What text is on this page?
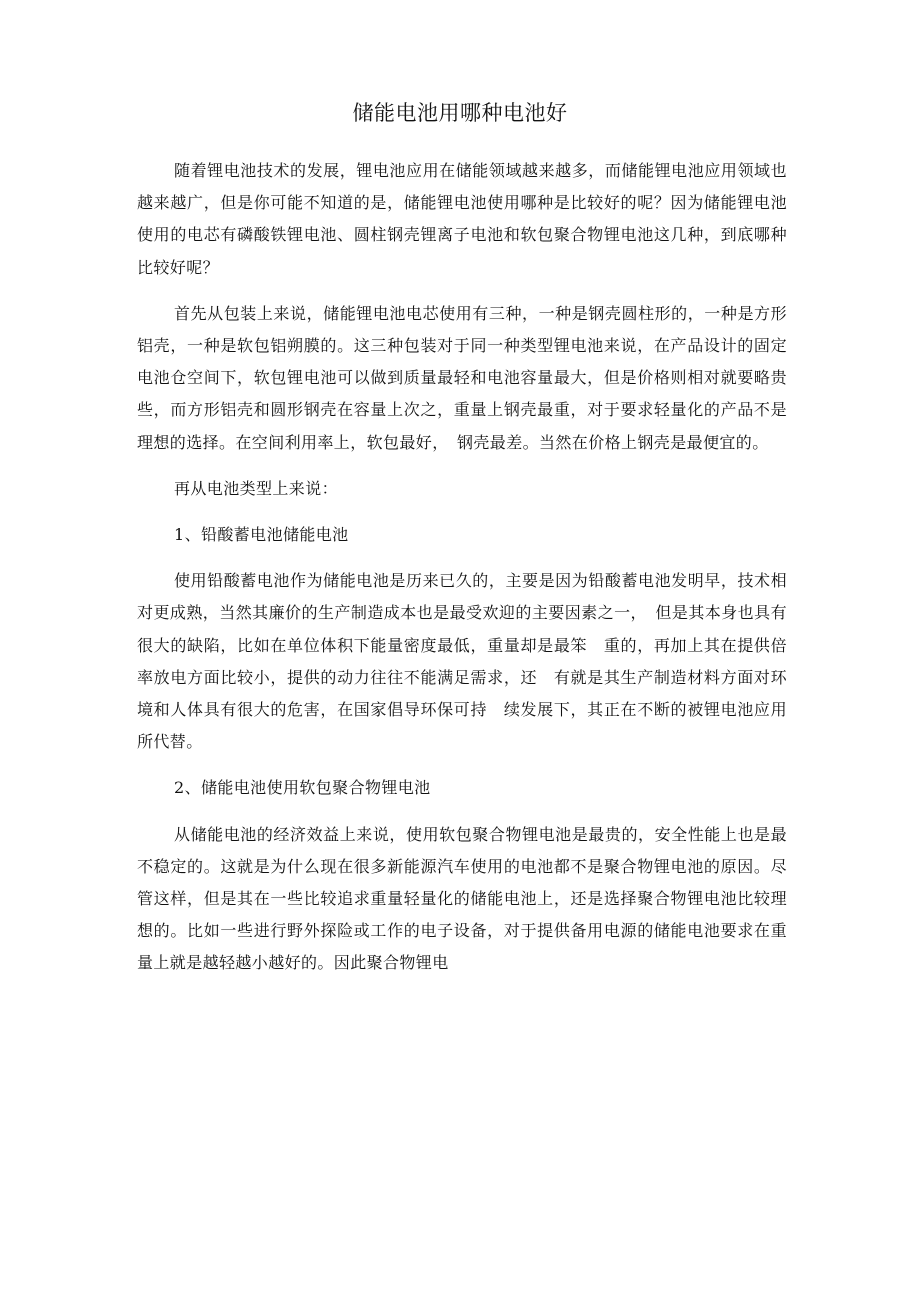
储能电池用哪种电池好

随着锂电池技术的发展，锂电池应用在储能领域越来越多，而储能锂电池应用领域也越来越广，但是你可能不知道的是，储能锂电池使用哪种是比较好的呢？因为储能锂电池使用的电芯有磷酸铁锂电池、圆柱钢壳锂离子电池和软包聚合物锂电池这几种，到底哪种比较好呢？

首先从包装上来说，储能锂电池电芯使用有三种，一种是钢壳圆柱形的，一种是方形铝壳，一种是软包铝朔膜的。这三种包装对于同一种类型锂电池来说，在产品设计的固定电池仓空间下，软包锂电池可以做到质量最轻和电池容量最大，但是价格则相对就要略贵些，而方形铝壳和圆形钢壳在容量上次之，重量上钢壳最重，对于要求轻量化的产品不是理想的选择。在空间利用率上，软包最好，　钢壳最差。当然在价格上钢壳是最便宜的。

再从电池类型上来说：

1、铅酸蓄电池储能电池

使用铅酸蓄电池作为储能电池是历来已久的，主要是因为铅酸蓄电池发明早，技术相对更成熟，当然其廉价的生产制造成本也是最受欢迎的主要因素之一，　但是其本身也具有很大的缺陷，比如在单位体积下能量密度最低，重量却是最笨　重的，再加上其在提供倍率放电方面比较小，提供的动力往往不能满足需求，还　有就是其生产制造材料方面对环境和人体具有很大的危害，在国家倡导环保可持　续发展下，其正在不断的被锂电池应用所代替。

2、储能电池使用软包聚合物锂电池

从储能电池的经济效益上来说，使用软包聚合物锂电池是最贵的，安全性能上也是最不稳定的。这就是为什么现在很多新能源汽车使用的电池都不是聚合物锂电池的原因。尽管这样，但是其在一些比较追求重量轻量化的储能电池上，还是选择聚合物锂电池比较理想的。比如一些进行野外探险或工作的电子设备，对于提供备用电源的储能电池要求在重量上就是越轻越小越好的。因此聚合物锂电
